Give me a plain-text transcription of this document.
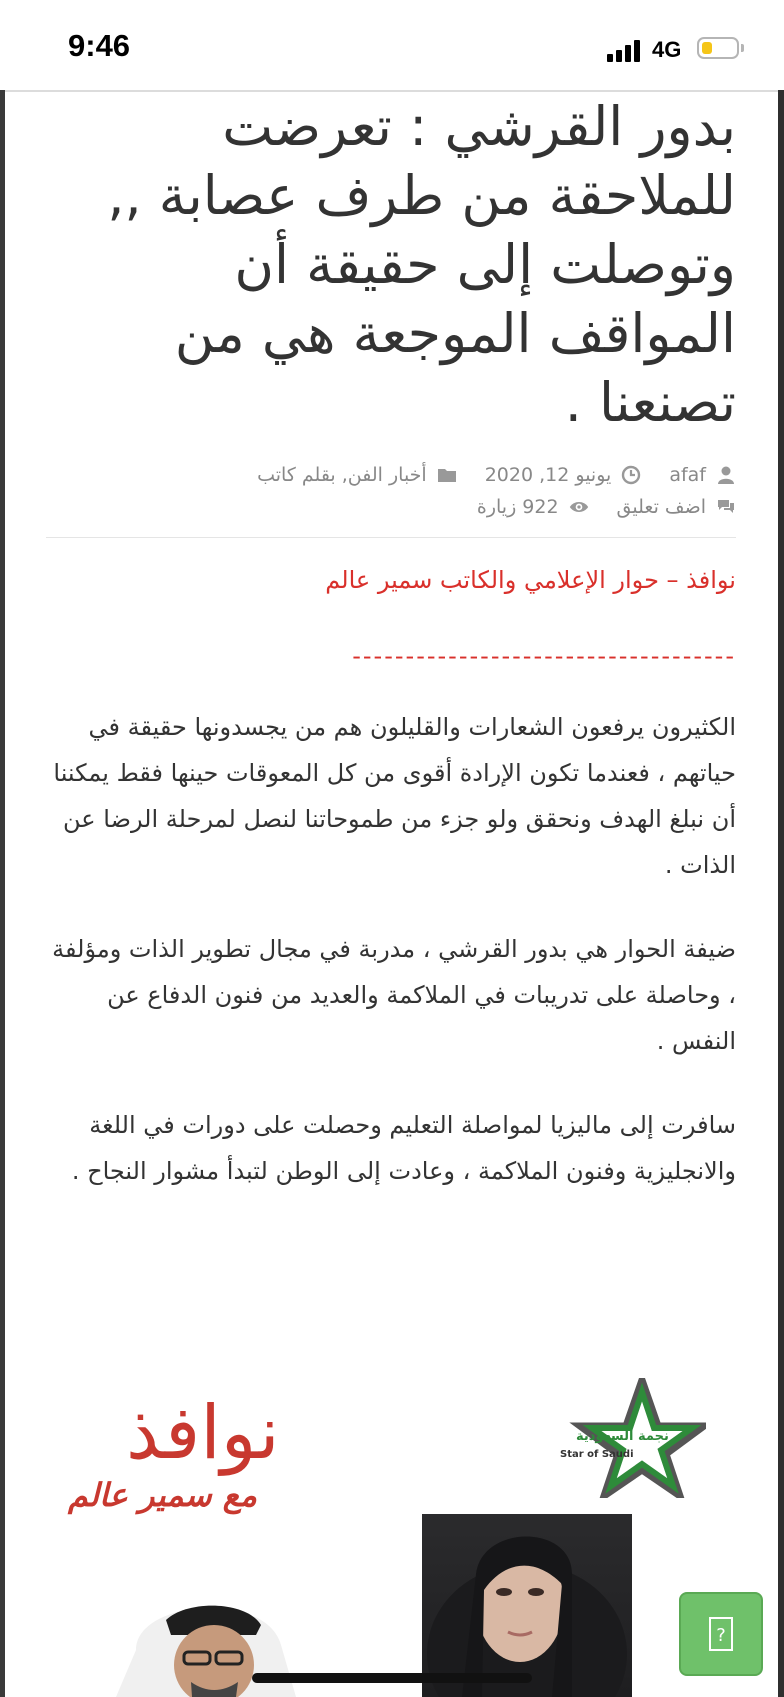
9:46	4G
بدور القرشي : تعرضت للملاحقة من طرف عصابة ,, وتوصلت إلى حقيقة أن المواقف الموجعة هي من تصنعنا .
afaf
يونيو 12, 2020
أخبار الفن, بقلم كاتب
اضف تعليق
922 زيارة
نوافذ – حوار الإعلامي والكاتب سمير عالم
------------------------------------
الكثيرون يرفعون الشعارات والقليلون هم من يجسدونها حقيقة في حياتهم ، فعندما تكون الإرادة أقوى من كل المعوقات حينها فقط يمكننا أن نبلغ الهدف ونحقق ولو جزء من طموحاتنا لنصل لمرحلة الرضا عن الذات .
ضيفة الحوار هي بدور القرشي ، مدربة في مجال تطوير الذات ومؤلفة ، وحاصلة على تدريبات في الملاكمة والعديد من فنون الدفاع عن النفس .
سافرت إلى ماليزيا لمواصلة التعليم وحصلت على دورات في اللغة والانجليزية وفنون الملاكمة ، وعادت إلى الوطن لتبدأ مشوار النجاح .
نوافذ
مع سمير عالم
نجمة السعودية
Star of Saudi
?
